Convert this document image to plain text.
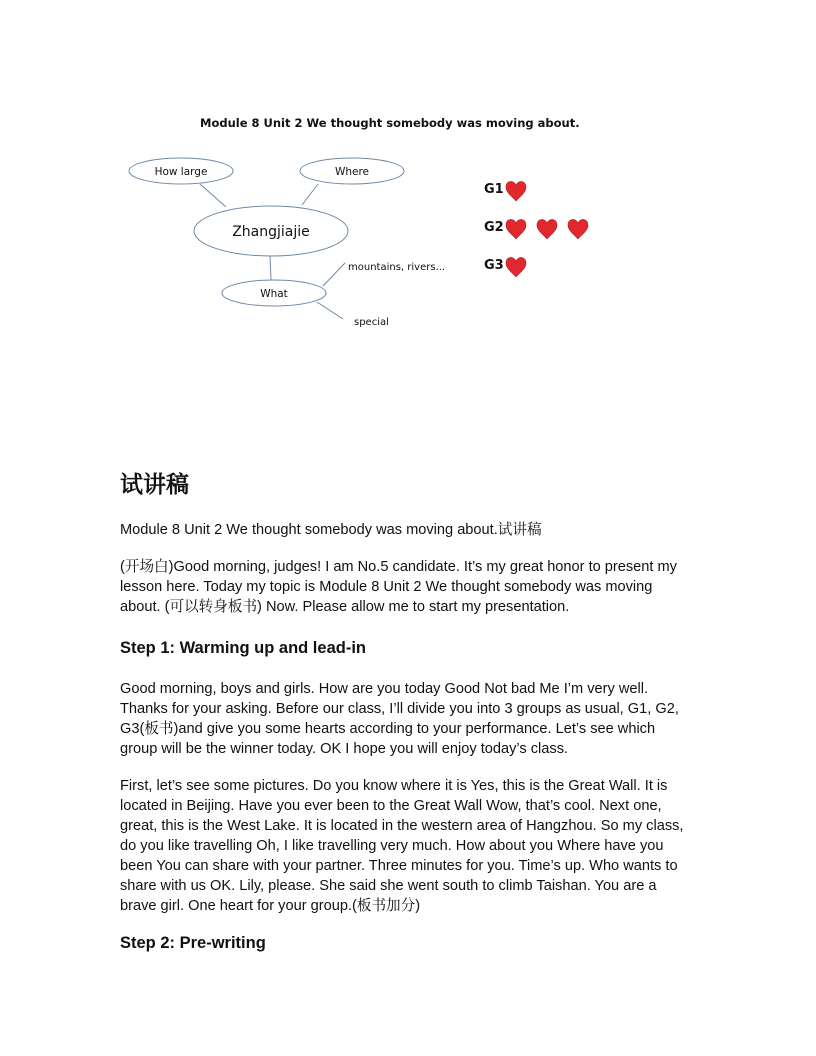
Module 8 Unit 2 We thought somebody was moving about.
How large	Where
Zhangjiajie
What
mountains, rivers...
special
G1
G2
G3
试讲稿

Module 8 Unit 2 We thought somebody was moving about.试讲稿

(开场白)Good morning, judges! I am No.5 candidate. It’s my great honor to present my lesson here. Today my topic is Module 8 Unit 2 We thought somebody was moving about. (可以转身板书) Now. Please allow me to start my presentation.

Step 1: Warming up and lead-in

Good morning, boys and girls. How are you today Good Not bad Me I’m very well. Thanks for your asking. Before our class, I’ll divide you into 3 groups as usual, G1, G2, G3(板书)and give you some hearts according to your performance. Let’s see which group will be the winner today. OK I hope you will enjoy today’s class.

First, let’s see some pictures. Do you know where it is Yes, this is the Great Wall. It is located in Beijing. Have you ever been to the Great Wall Wow, that’s cool. Next one, great, this is the West Lake. It is located in the western area of Hangzhou. So my class, do you like travelling Oh, I like travelling very much. How about you Where have you been You can share with your partner. Three minutes for you. Time’s up. Who wants to share with us OK. Lily, please. She said she went south to climb Taishan. You are a brave girl. One heart for your group.(板书加分)

Step 2: Pre-writing
